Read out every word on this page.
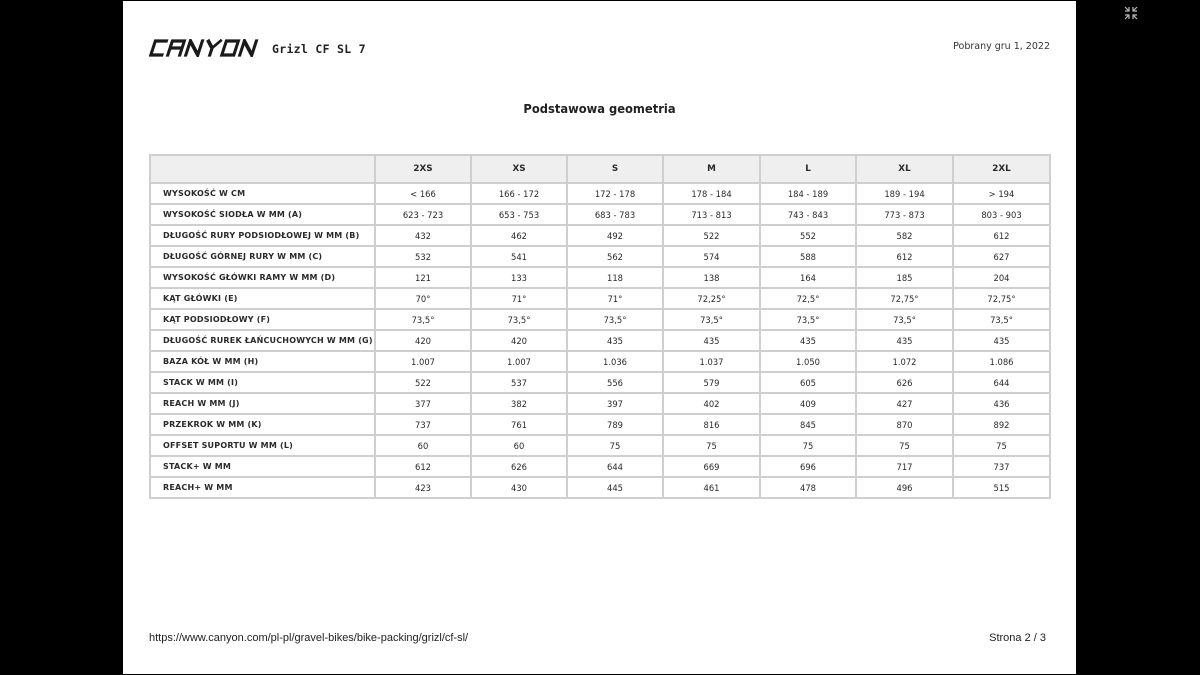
Grizl CF SL 7	Pobrany gru 1, 2022
Podstawowa geometria
	2XS	XS	S	M	L	XL	2XL
WYSOKOŚĆ W CM	< 166	166 - 172	172 - 178	178 - 184	184 - 189	189 - 194	> 194
WYSOKOŚĆ SIODŁA W MM (A)	623 - 723	653 - 753	683 - 783	713 - 813	743 - 843	773 - 873	803 - 903
DŁUGOŚĆ RURY PODSIODŁOWEJ W MM (B)	432	462	492	522	552	582	612
DŁUGOŚĆ GÓRNEJ RURY W MM (C)	532	541	562	574	588	612	627
WYSOKOŚĆ GŁÓWKI RAMY W MM (D)	121	133	118	138	164	185	204
KĄT GŁÓWKI (E)	70°	71°	71°	72,25°	72,5°	72,75°	72,75°
KĄT PODSIODŁOWY (F)	73,5°	73,5°	73,5°	73,5°	73,5°	73,5°	73,5°
DŁUGOŚĆ RUREK ŁAŃCUCHOWYCH W MM (G)	420	420	435	435	435	435	435
BAZA KÓŁ W MM (H)	1.007	1.007	1.036	1.037	1.050	1.072	1.086
STACK W MM (I)	522	537	556	579	605	626	644
REACH W MM (J)	377	382	397	402	409	427	436
PRZEKROK W MM (K)	737	761	789	816	845	870	892
OFFSET SUPORTU W MM (L)	60	60	75	75	75	75	75
STACK+ W MM	612	626	644	669	696	717	737
REACH+ W MM	423	430	445	461	478	496	515
https://www.canyon.com/pl-pl/gravel-bikes/bike-packing/grizl/cf-sl/	Strona 2 / 3
